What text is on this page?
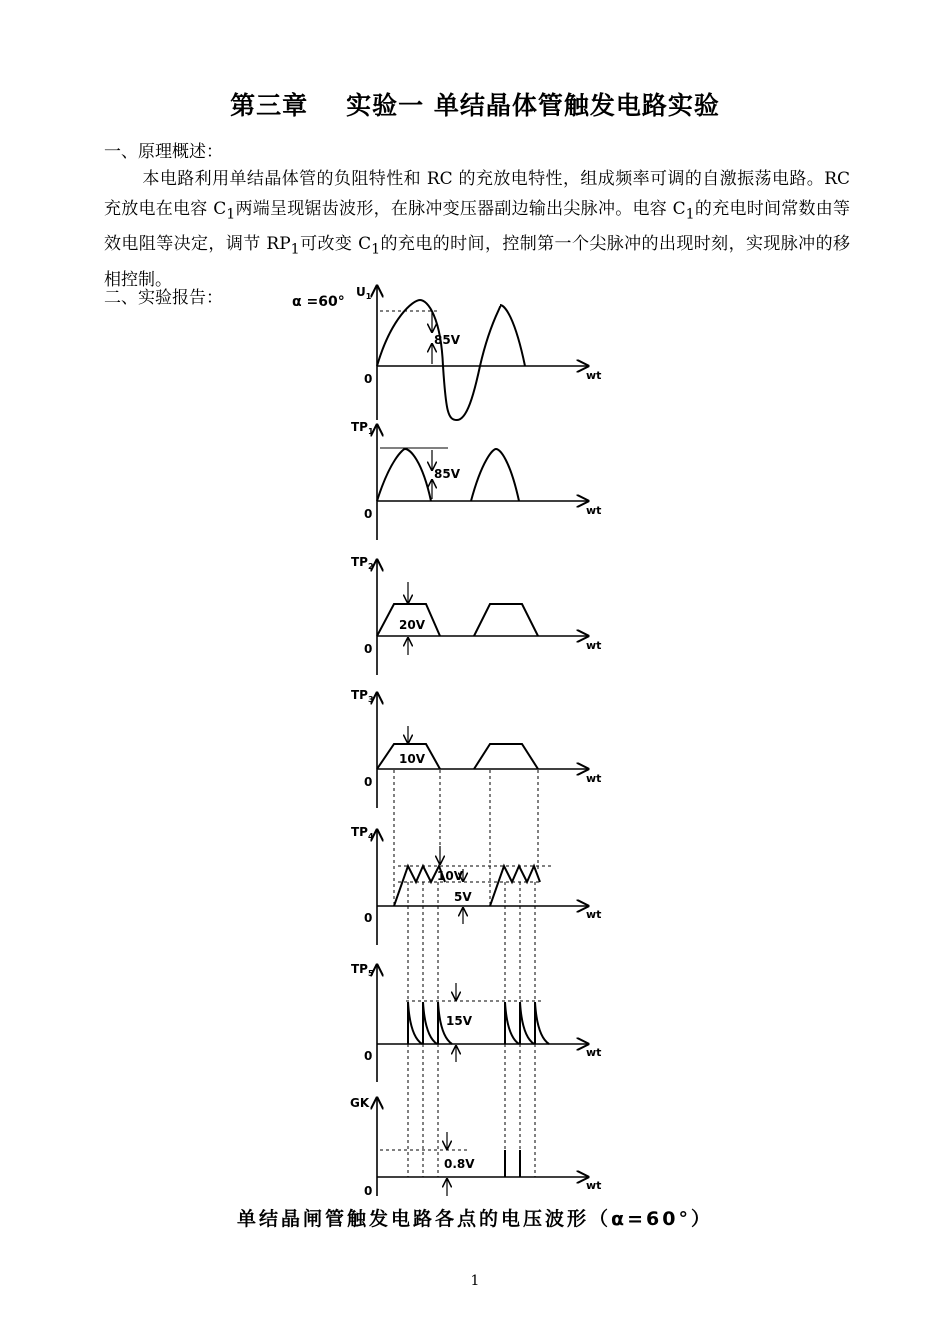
第三章 实验一 单结晶体管触发电路实验
一、原理概述：
本电路利用单结晶体管的负阻特性和 RC 的充放电特性，组成频率可调的自激振荡电路。RC 充放电在电容 $C_1$两端呈现锯齿波形，在脉冲变压器副边输出尖脉冲。电容 $C_1$的充电时间常数由等效电阻等决定，调节 $RP_1$可改变 $C_1$的充电的时间，控制第一个尖脉冲的出现时刻，实现脉冲的移相控制。
二、实验报告：	α =60°
85V
$U_1$
0	wt
85V
$TP_1$
0	wt
20V
$TP_2$
0	wt
10V
$TP_3$
0	wt
10V
5V
$TP_4$
0	wt
15V
$TP_5$
0	wt
0.8V
GK
0	wt
单结晶闸管触发电路各点的电压波形（α=60°）
1
